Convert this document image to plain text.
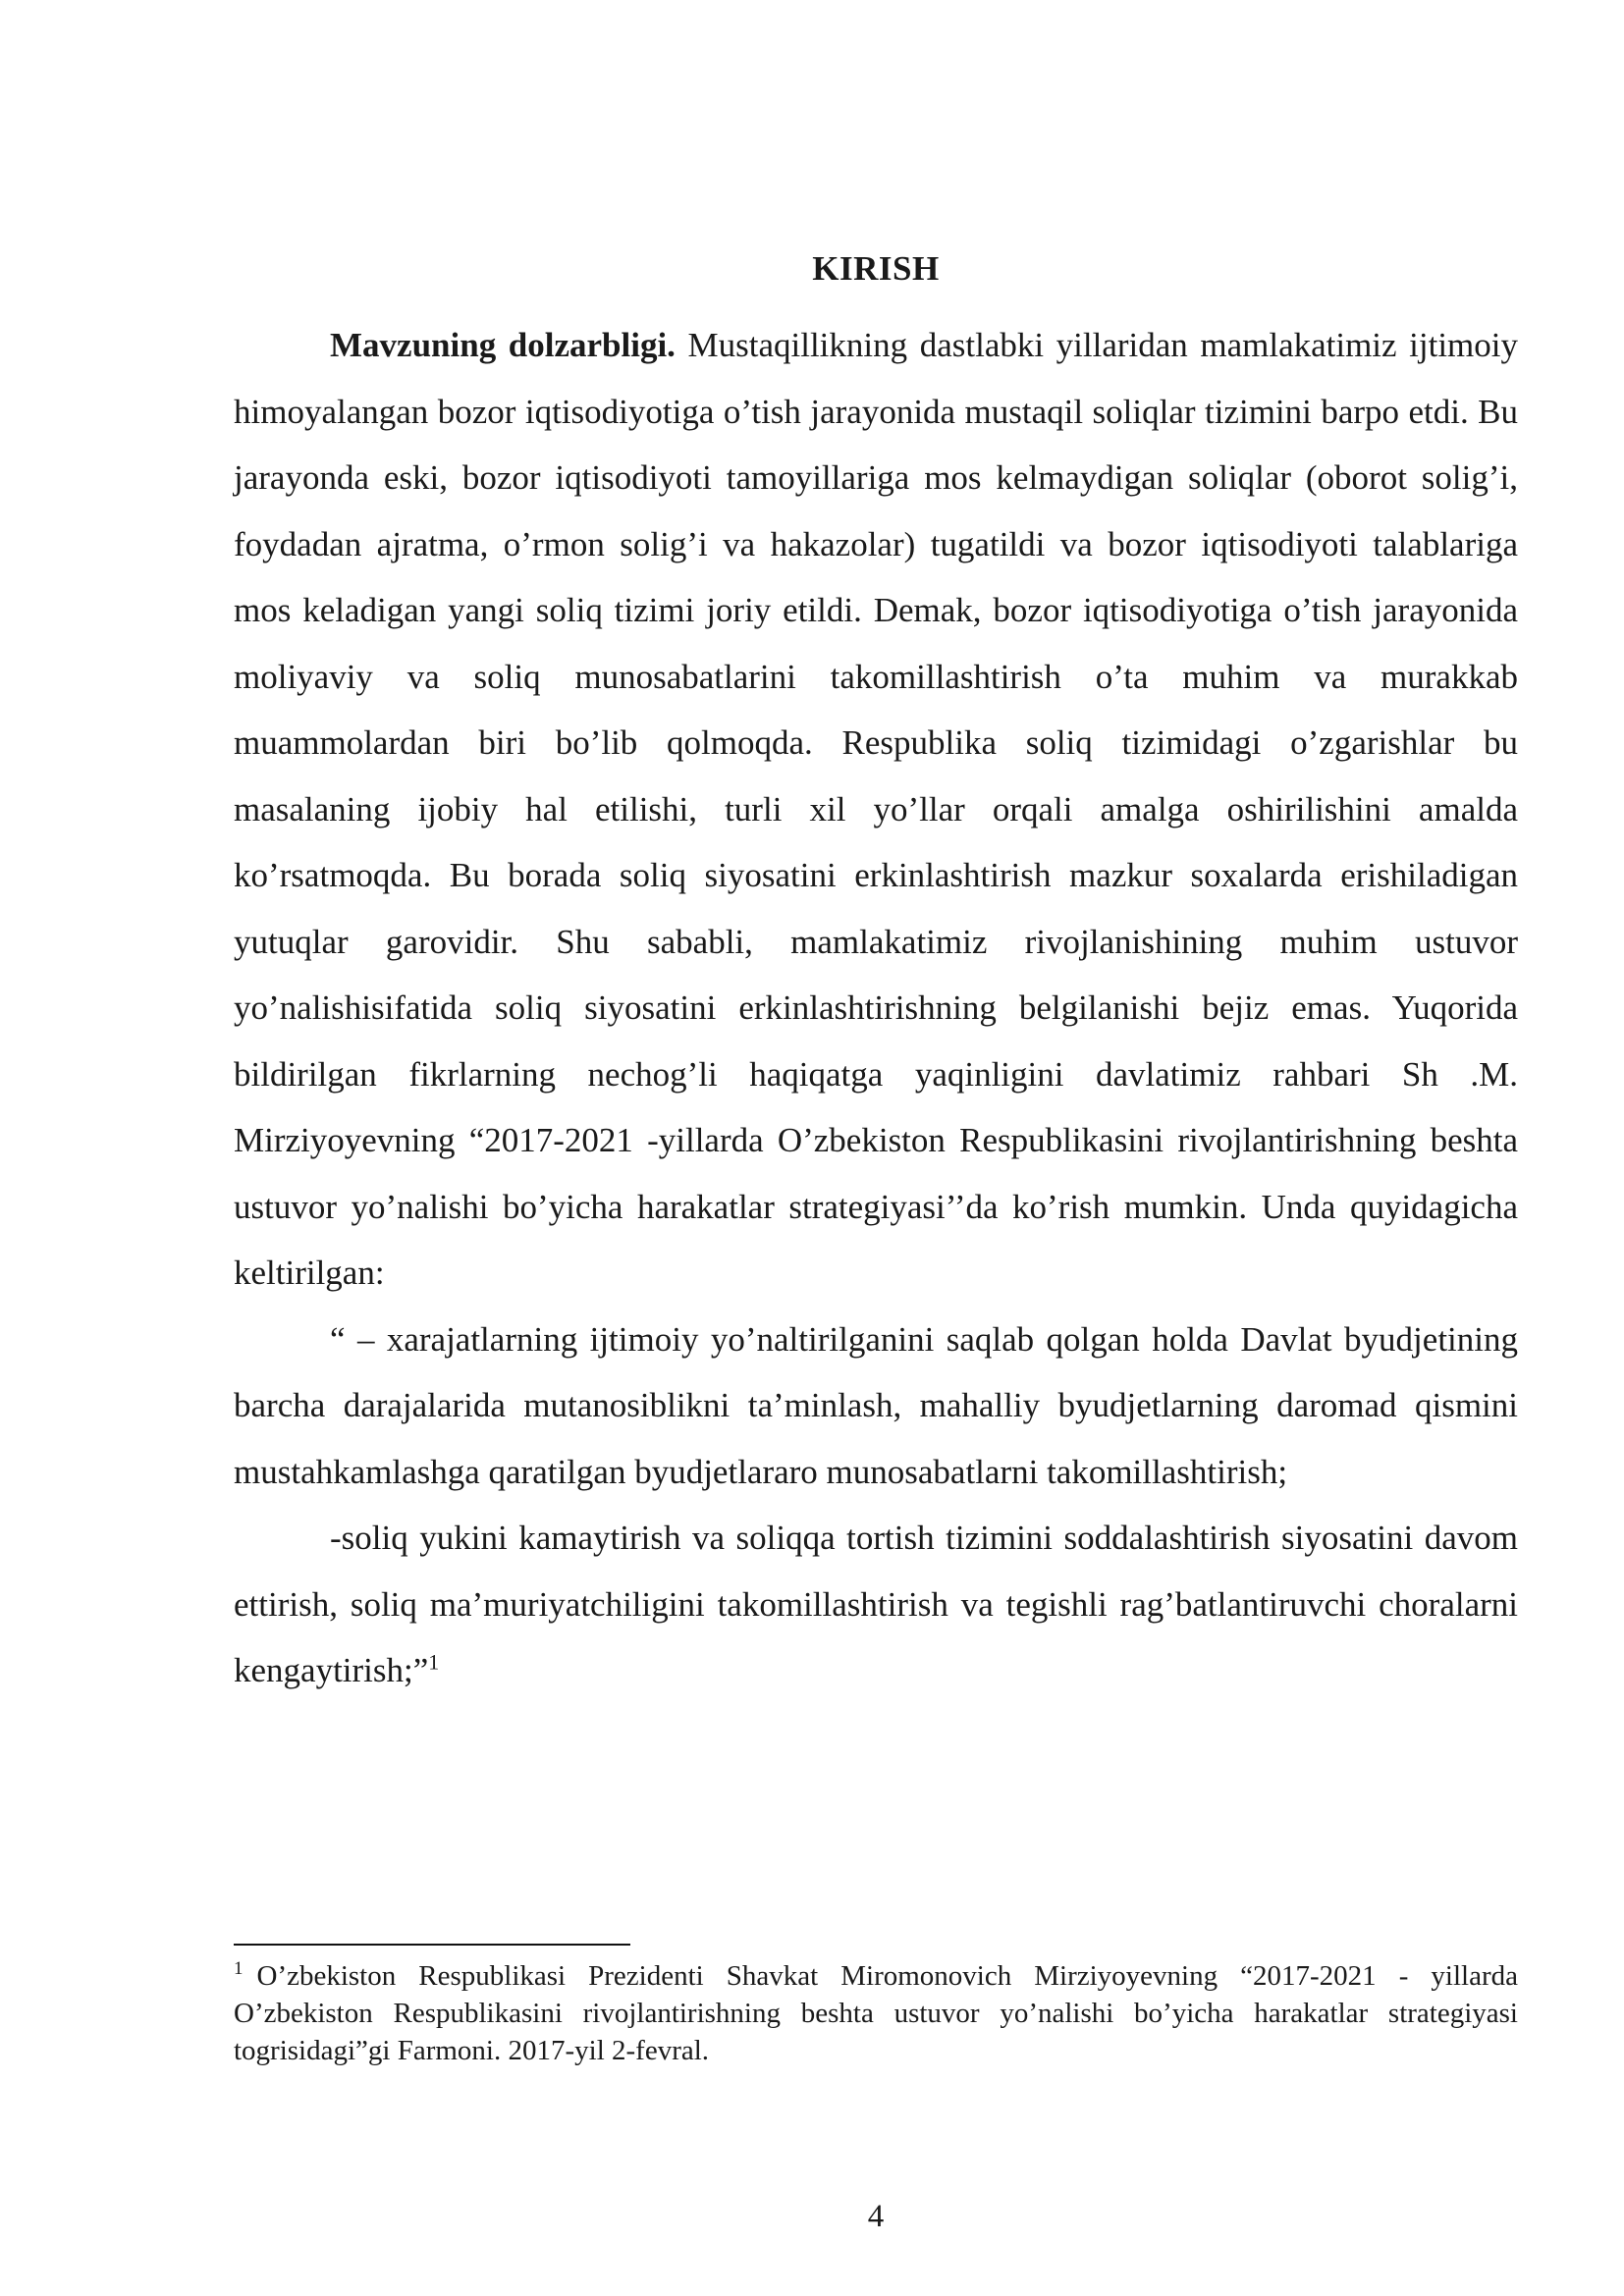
KIRISH

Mavzuning dolzarbligi. Mustaqillikning dastlabki yillaridan mamlakatimiz ijtimoiy himoyalangan bozor iqtisodiyotiga o’tish jarayonida mustaqil soliqlar tizimini barpo etdi. Bu jarayonda eski, bozor iqtisodiyoti tamoyillariga mos kelmaydigan soliqlar (oborot solig’i, foydadan ajratma, o’rmon solig’i va hakazolar) tugatildi va bozor iqtisodiyoti talablariga mos keladigan yangi soliq tizimi joriy etildi. Demak, bozor iqtisodiyotiga o’tish jarayonida moliyaviy va soliq munosabatlarini takomillashtirish o’ta muhim va murakkab muammolardan biri bo’lib qolmoqda. Respublika soliq tizimidagi o’zgarishlar bu masalaning ijobiy hal etilishi, turli xil yo’llar orqali amalga oshirilishini amalda ko’rsatmoqda. Bu borada soliq siyosatini erkinlashtirish mazkur soxalarda erishiladigan yutuqlar garovidir. Shu sababli, mamlakatimiz rivojlanishining muhim ustuvor yo’nalishisifatida soliq siyosatini erkinlashtirishning belgilanishi bejiz emas. Yuqorida bildirilgan fikrlarning nechog’li haqiqatga yaqinligini davlatimiz rahbari Sh .M. Mirziyoyevning “2017-2021 -yillarda O’zbekiston Respublikasini rivojlantirishning beshta ustuvor yo’nalishi bo’yicha harakatlar strategiyasi’’da ko’rish mumkin. Unda quyidagicha keltirilgan:

“ – xarajatlarning ijtimoiy yo’naltirilganini saqlab qolgan holda Davlat byudjetining barcha darajalarida mutanosiblikni ta’minlash, mahalliy byudjetlarning daromad qismini mustahkamlashga qaratilgan byudjetlararo munosabatlarni takomillashtirish;

-soliq yukini kamaytirish va soliqqa tortish tizimini soddalashtirish siyosatini davom ettirish, soliq ma’muriyatchiligini takomillashtirish va tegishli rag’batlantiruvchi choralarni kengaytirish;”$^1$

$^1$ O’zbekiston Respublikasi Prezidenti Shavkat Miromonovich Mirziyoyevning “2017-2021 - yillarda O’zbekiston Respublikasini rivojlantirishning beshta ustuvor yo’nalishi bo’yicha harakatlar strategiyasi togrisidagi”gi Farmoni. 2017-yil 2-fevral.
4
